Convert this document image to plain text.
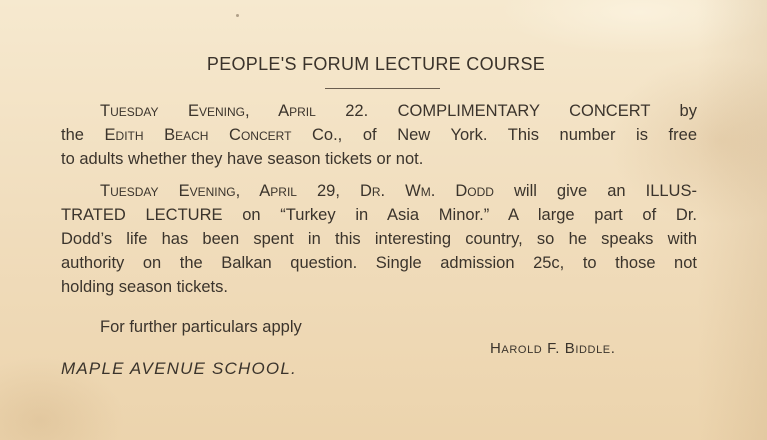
PEOPLE'S FORUM LECTURE COURSE
Tuesday Evening, April 22. COMPLIMENTARY CONCERT by
the Edith Beach Concert Co., of New York. This number is free
to adults whether they have season tickets or not.
Tuesday Evening, April 29, Dr. Wm. Dodd will give an ILLUS-
TRATED LECTURE on “Turkey in Asia Minor.” A large part of Dr.
Dodd’s life has been spent in this interesting country, so he speaks with
authority on the Balkan question. Single admission 25c, to those not
holding season tickets.
For further particulars apply
Harold F. Biddle.
MAPLE AVENUE SCHOOL.
